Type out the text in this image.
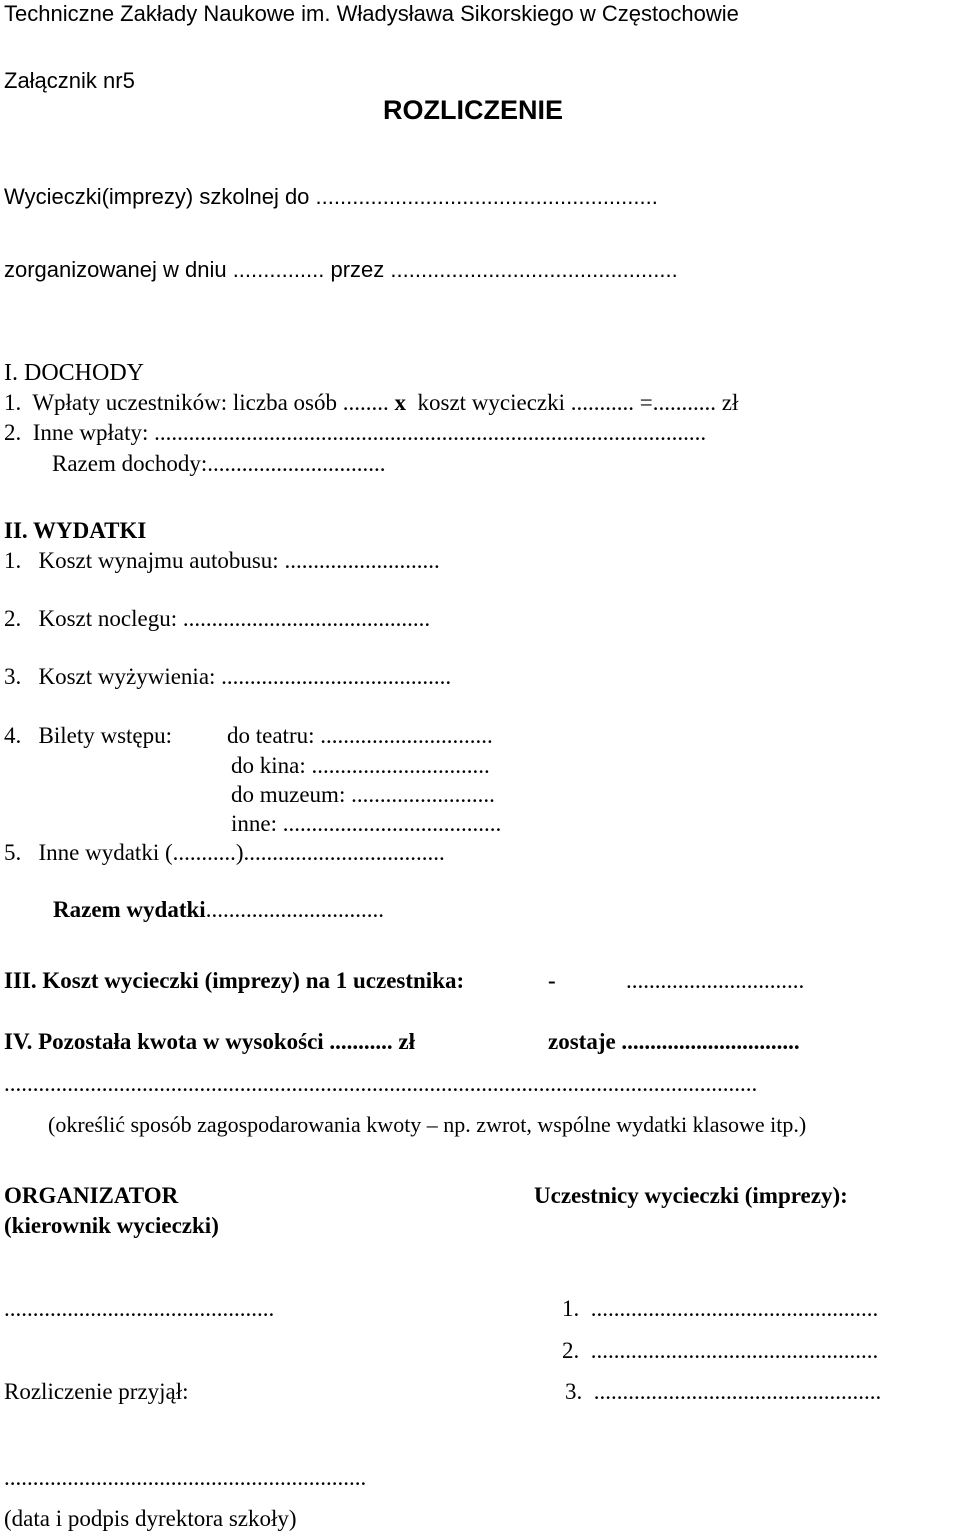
Techniczne Zakłady Naukowe im. Władysława Sikorskiego w Częstochowie
Załącznik nr5
ROZLICZENIE
Wycieczki(imprezy) szkolnej do ........................................................
zorganizowanej w dniu ............... przez ...............................................
I. DOCHODY
1.  Wpłaty uczestników: liczba osób ........ x  koszt wycieczki ........... =........... zł
2.  Inne wpłaty: ................................................................................................
Razem dochody:...............................
II. WYDATKI
1.   Koszt wynajmu autobusu: ...........................
2.   Koszt noclegu: ...........................................
3.   Koszt wyżywienia: ........................................
4.   Bilety wstępu: do teatru: ..............................
do kina: ...............................
do muzeum: .........................
inne: ......................................
5.   Inne wydatki (...........)...................................
Razem wydatki...............................
III. Koszt wycieczki (imprezy) na 1 uczestnika:	-	...............................
IV. Pozostała kwota w wysokości ........... zł	zostaje ...............................
...................................................................................................................................
(określić sposób zagospodarowania kwoty – np. zwrot, wspólne wydatki klasowe itp.)
ORGANIZATOR
(kierownik wycieczki)
Uczestnicy wycieczki (imprezy):
...............................................	1.  ..................................................
2.  ..................................................
Rozliczenie przyjął:	3.  ..................................................
...............................................................
(data i podpis dyrektora szkoły)
